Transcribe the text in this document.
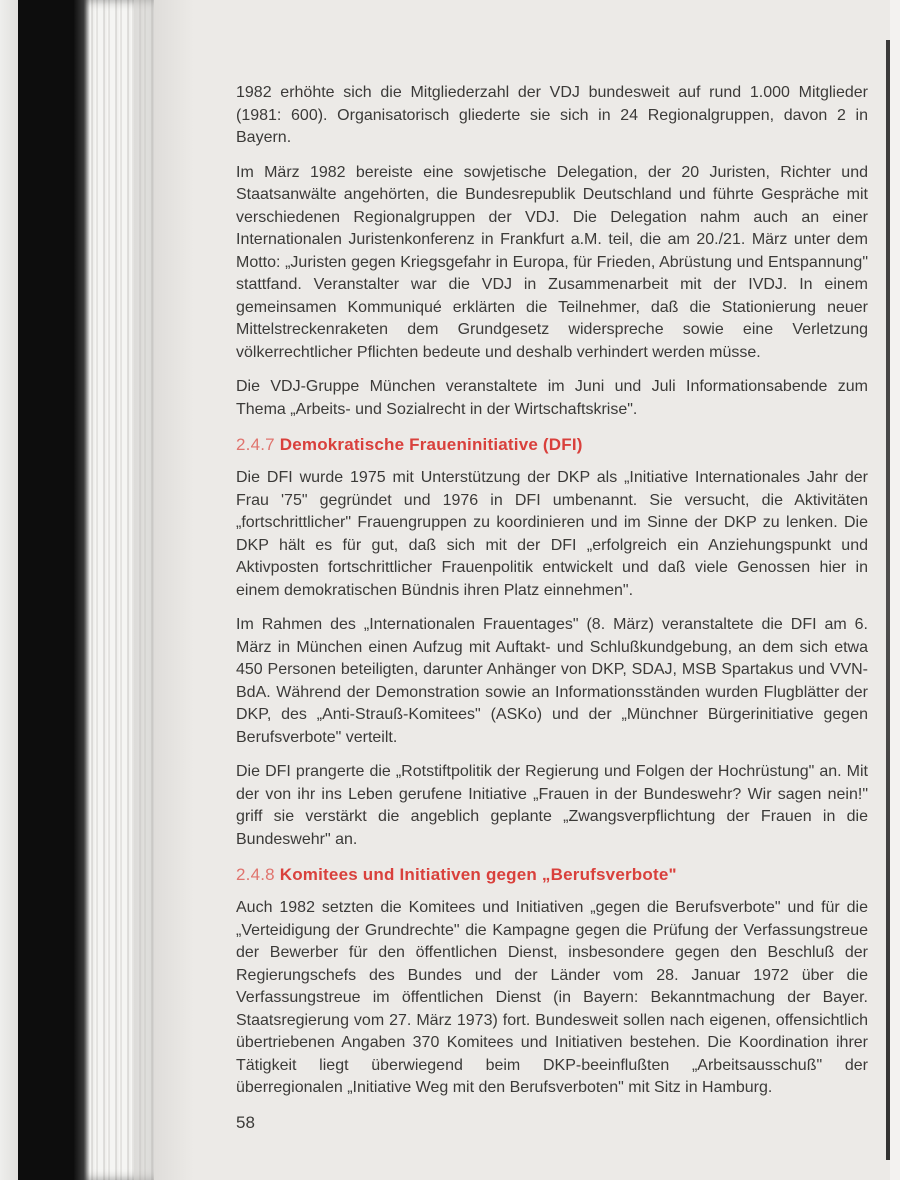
1982 erhöhte sich die Mitgliederzahl der VDJ bundesweit auf rund 1.000 Mitglieder (1981: 600). Organisatorisch gliederte sie sich in 24 Regionalgruppen, davon 2 in Bayern.

Im März 1982 bereiste eine sowjetische Delegation, der 20 Juristen, Richter und Staatsanwälte angehörten, die Bundesrepublik Deutschland und führte Gespräche mit verschiedenen Regionalgruppen der VDJ. Die Delegation nahm auch an einer Internationalen Juristenkonferenz in Frankfurt a.M. teil, die am 20./21. März unter dem Motto: „Juristen gegen Kriegsgefahr in Europa, für Frieden, Abrüstung und Entspannung" stattfand. Veranstalter war die VDJ in Zusammenarbeit mit der IVDJ. In einem gemeinsamen Kommuniqué erklärten die Teilnehmer, daß die Stationierung neuer Mittelstreckenraketen dem Grundgesetz widerspreche sowie eine Verletzung völkerrechtlicher Pflichten bedeute und deshalb verhindert werden müsse.

Die VDJ-Gruppe München veranstaltete im Juni und Juli Informationsabende zum Thema „Arbeits- und Sozialrecht in der Wirtschaftskrise".

2.4.7 Demokratische Fraueninitiative (DFI)

Die DFI wurde 1975 mit Unterstützung der DKP als „Initiative Internationales Jahr der Frau '75" gegründet und 1976 in DFI umbenannt. Sie versucht, die Aktivitäten „fortschrittlicher" Frauengruppen zu koordinieren und im Sinne der DKP zu lenken. Die DKP hält es für gut, daß sich mit der DFI „erfolgreich ein Anziehungspunkt und Aktivposten fortschrittlicher Frauenpolitik entwickelt und daß viele Genossen hier in einem demokratischen Bündnis ihren Platz einnehmen".

Im Rahmen des „Internationalen Frauentages" (8. März) veranstaltete die DFI am 6. März in München einen Aufzug mit Auftakt- und Schlußkundgebung, an dem sich etwa 450 Personen beteiligten, darunter Anhänger von DKP, SDAJ, MSB Spartakus und VVN-BdA. Während der Demonstration sowie an Informationsständen wurden Flugblätter der DKP, des „Anti-Strauß-Komitees" (ASKo) und der „Münchner Bürgerinitiative gegen Berufsverbote" verteilt.

Die DFI prangerte die „Rotstiftpolitik der Regierung und Folgen der Hochrüstung" an. Mit der von ihr ins Leben gerufene Initiative „Frauen in der Bundeswehr? Wir sagen nein!" griff sie verstärkt die angeblich geplante „Zwangsverpflichtung der Frauen in die Bundeswehr" an.

2.4.8 Komitees und Initiativen gegen „Berufsverbote"

Auch 1982 setzten die Komitees und Initiativen „gegen die Berufsverbote" und für die „Verteidigung der Grundrechte" die Kampagne gegen die Prüfung der Verfassungstreue der Bewerber für den öffentlichen Dienst, insbesondere gegen den Beschluß der Regierungschefs des Bundes und der Länder vom 28. Januar 1972 über die Verfassungstreue im öffentlichen Dienst (in Bayern: Bekanntmachung der Bayer. Staatsregierung vom 27. März 1973) fort. Bundesweit sollen nach eigenen, offensichtlich übertriebenen Angaben 370 Komitees und Initiativen bestehen. Die Koordination ihrer Tätigkeit liegt überwiegend beim DKP-beeinflußten „Arbeitsausschuß" der überregionalen „Initiative Weg mit den Berufsverboten" mit Sitz in Hamburg.

58
